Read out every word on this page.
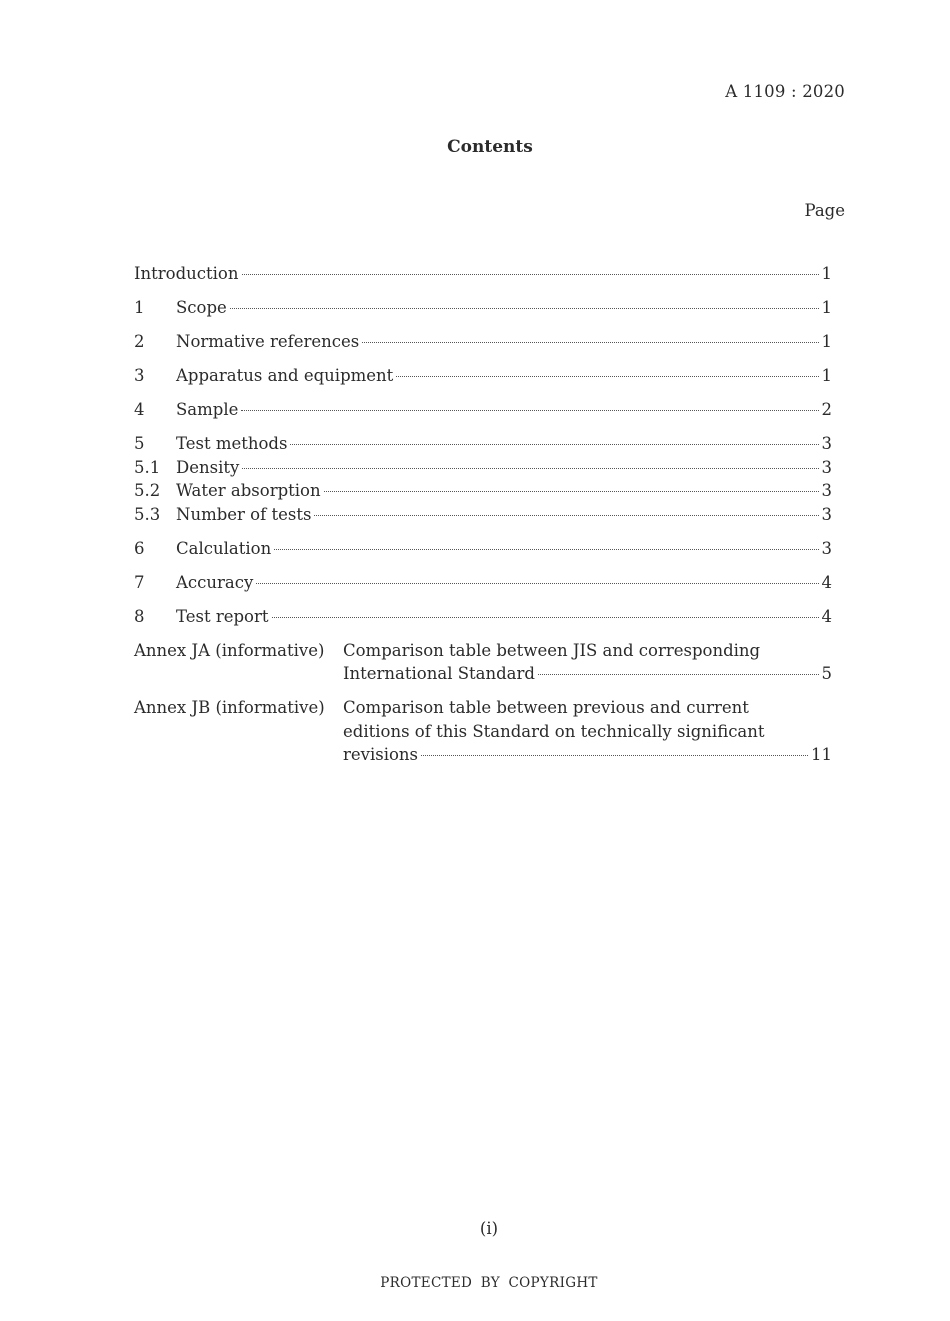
A 1109 : 2020
Contents
Page
Introduction	1
1	Scope	1
2	Normative references	1
3	Apparatus and equipment	1
4	Sample	2
5	Test methods	3
5.1 Density	3
5.2 Water absorption	3
5.3 Number of tests	3
6	Calculation	3
7	Accuracy	4
8	Test report	4
Annex JA (informative)	Comparison table between JIS and corresponding
International Standard	5
Annex JB (informative)	Comparison table between previous and current
editions of this Standard on technically significant
revisions	11
(i)
PROTECTED BY COPYRIGHT
